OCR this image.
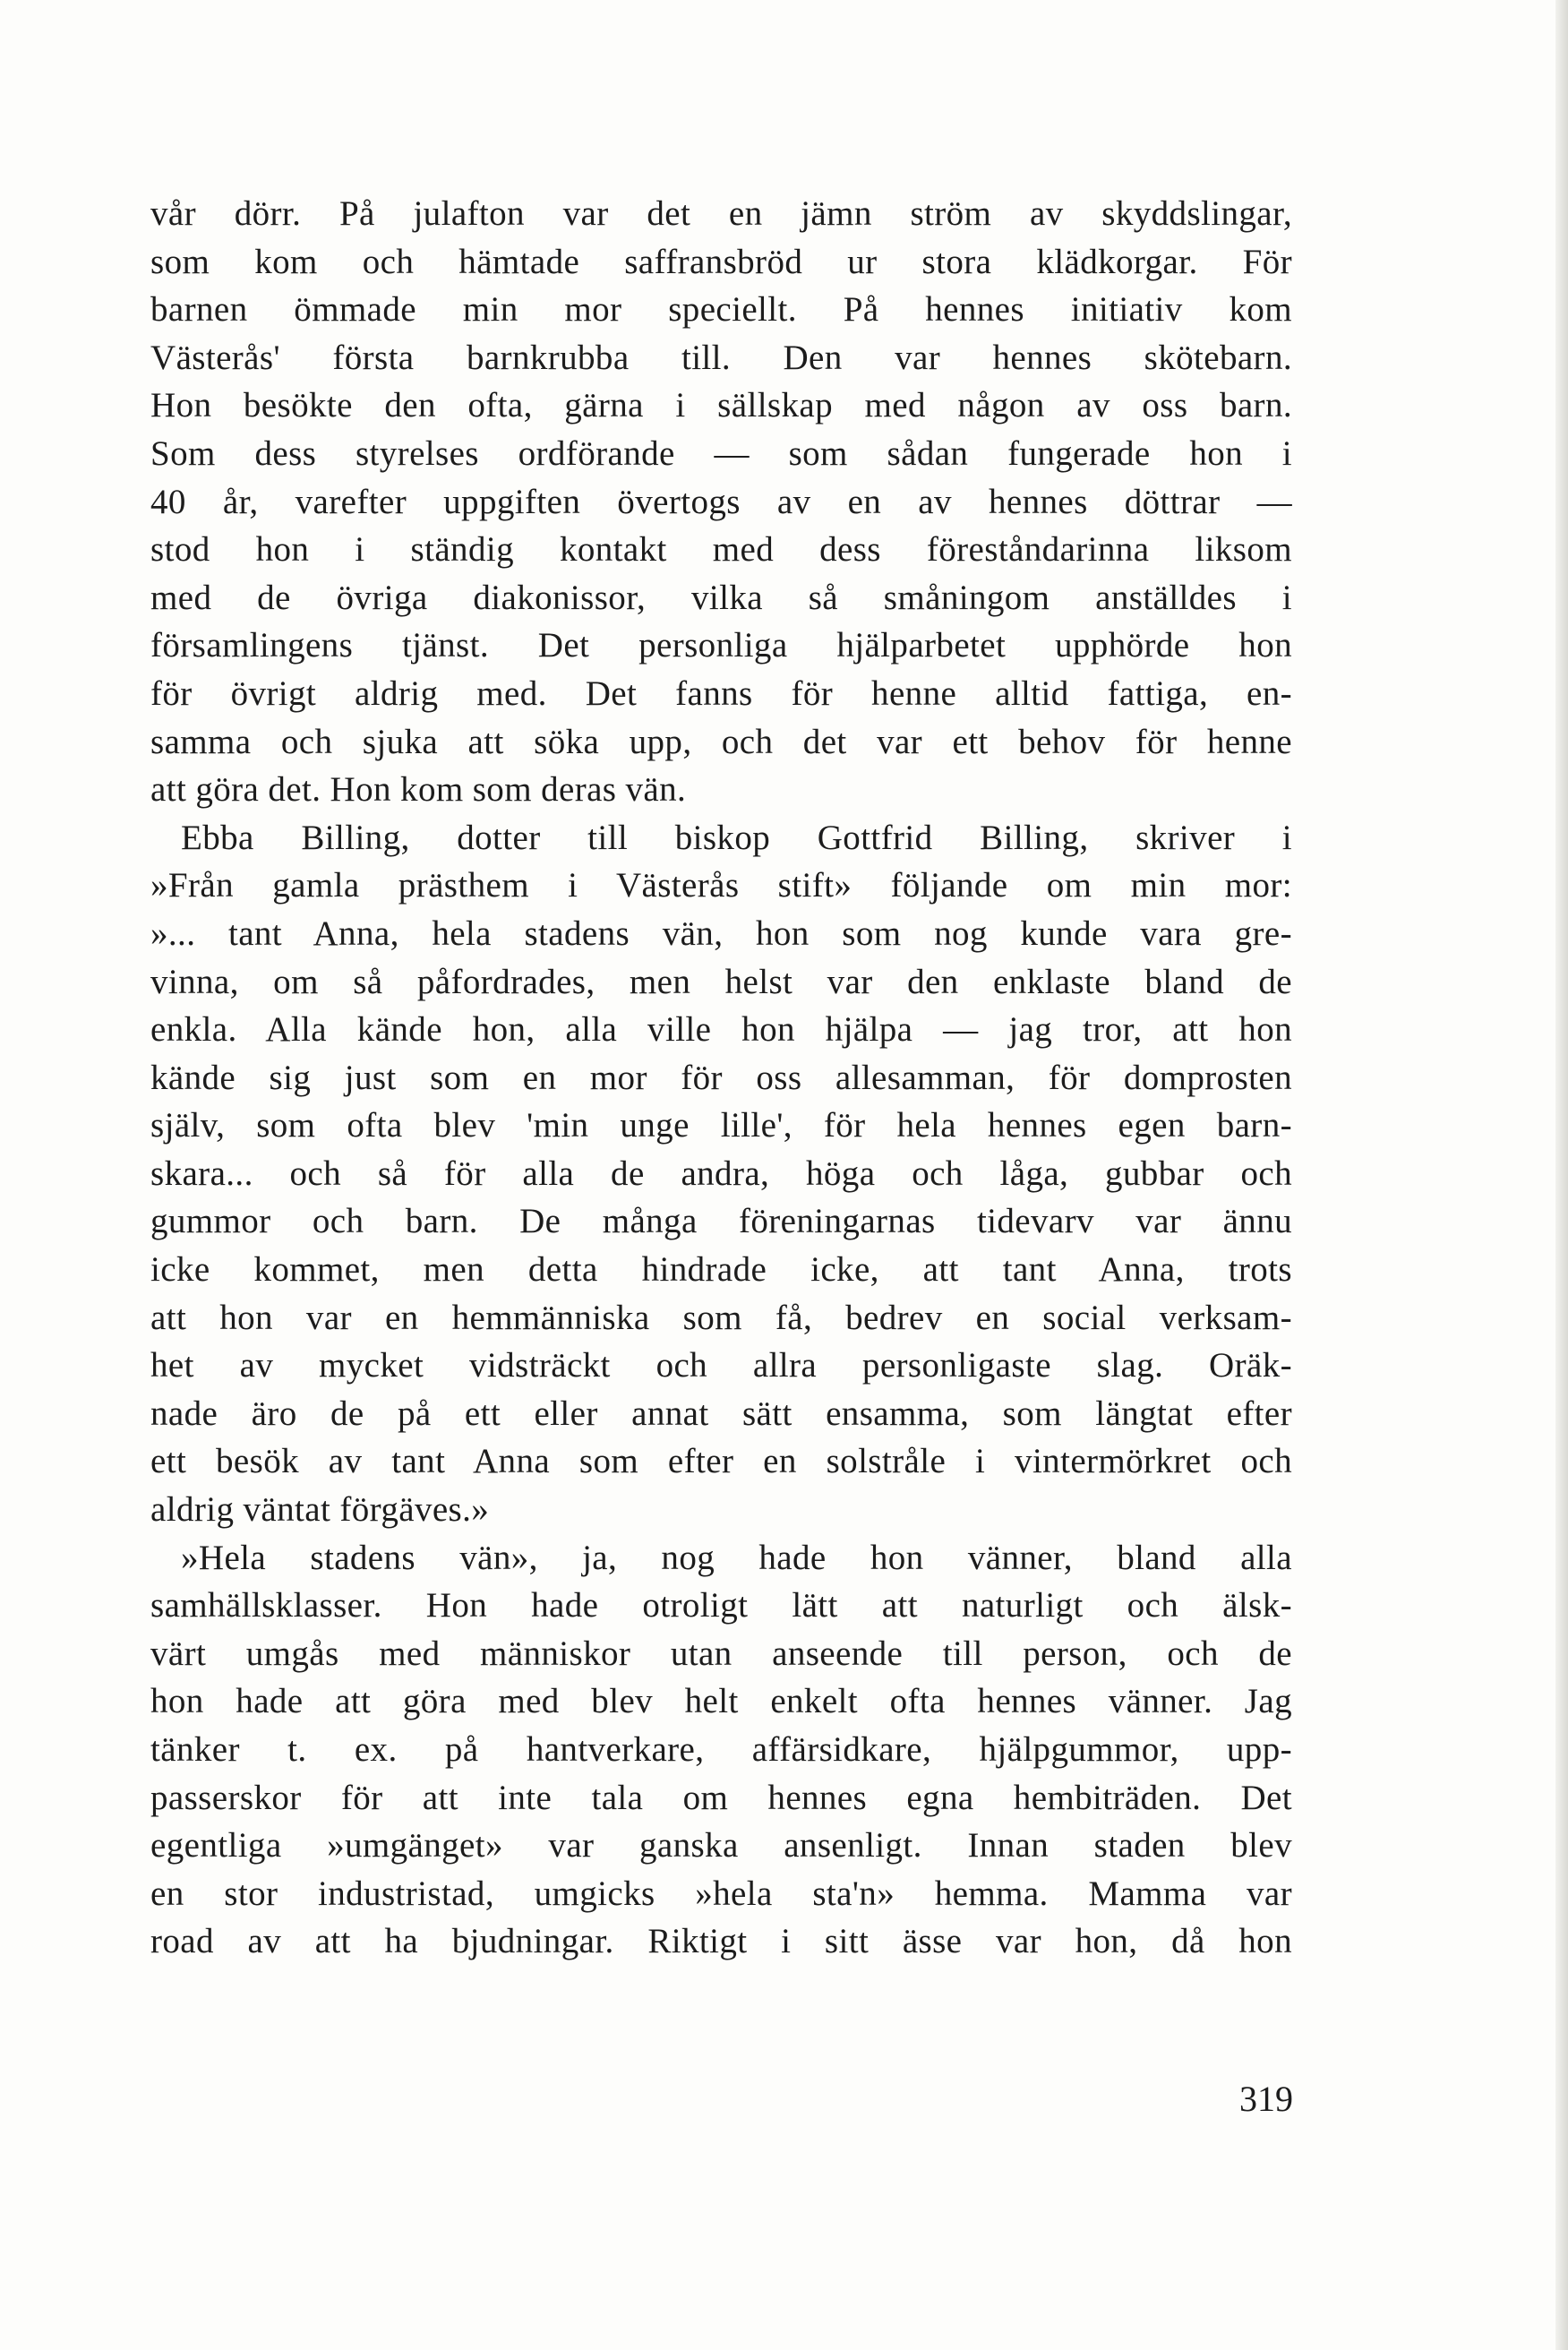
vår dörr. På julafton var det en jämn ström av skyddslingar,
som kom och hämtade saffransbröd ur stora klädkorgar. För
barnen ömmade min mor speciellt. På hennes initiativ kom
Västerås' första barnkrubba till. Den var hennes skötebarn.
Hon besökte den ofta, gärna i sällskap med någon av oss barn.
Som dess styrelses ordförande — som sådan fungerade hon i
40 år, varefter uppgiften övertogs av en av hennes döttrar —
stod hon i ständig kontakt med dess föreståndarinna liksom
med de övriga diakonissor, vilka så småningom anställdes i
församlingens tjänst. Det personliga hjälparbetet upphörde hon
för övrigt aldrig med. Det fanns för henne alltid fattiga, en-
samma och sjuka att söka upp, och det var ett behov för henne
att göra det. Hon kom som deras vän.
Ebba Billing, dotter till biskop Gottfrid Billing, skriver i
»Från gamla prästhem i Västerås stift» följande om min mor:
»... tant Anna, hela stadens vän, hon som nog kunde vara gre-
vinna, om så påfordrades, men helst var den enklaste bland de
enkla. Alla kände hon, alla ville hon hjälpa — jag tror, att hon
kände sig just som en mor för oss allesamman, för domprosten
själv, som ofta blev 'min unge lille', för hela hennes egen barn-
skara... och så för alla de andra, höga och låga, gubbar och
gummor och barn. De många föreningarnas tidevarv var ännu
icke kommet, men detta hindrade icke, att tant Anna, trots
att hon var en hemmänniska som få, bedrev en social verksam-
het av mycket vidsträckt och allra personligaste slag. Oräk-
nade äro de på ett eller annat sätt ensamma, som längtat efter
ett besök av tant Anna som efter en solstråle i vintermörkret och
aldrig väntat förgäves.»
»Hela stadens vän», ja, nog hade hon vänner, bland alla
samhällsklasser. Hon hade otroligt lätt att naturligt och älsk-
värt umgås med människor utan anseende till person, och de
hon hade att göra med blev helt enkelt ofta hennes vänner. Jag
tänker t. ex. på hantverkare, affärsidkare, hjälpgummor, upp-
passerskor för att inte tala om hennes egna hembiträden. Det
egentliga »umgänget» var ganska ansenligt. Innan staden blev
en stor industristad, umgicks »hela sta'n» hemma. Mamma var
road av att ha bjudningar. Riktigt i sitt ässe var hon, då hon
319
